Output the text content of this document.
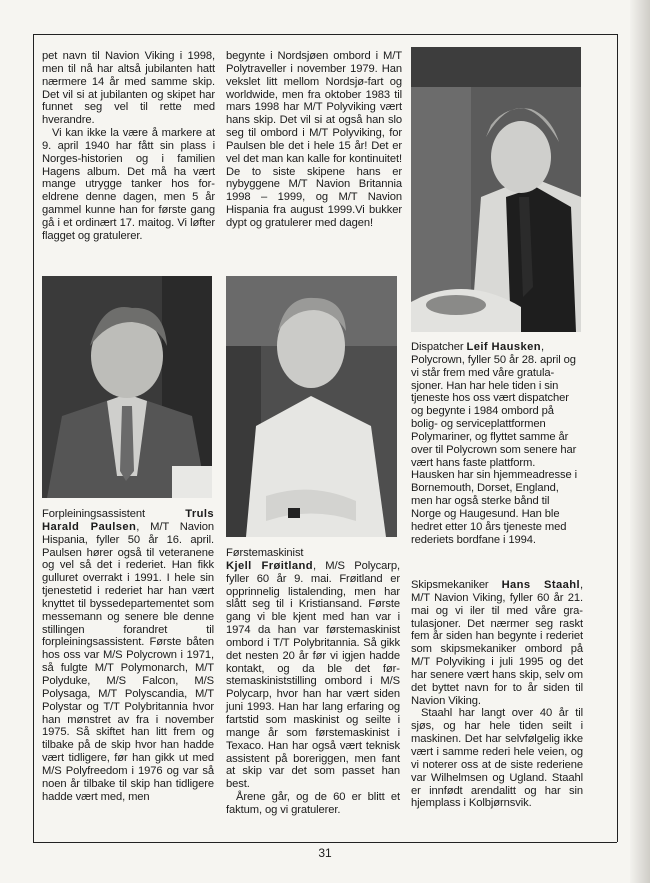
pet navn til Navion Viking i 1998, men til nå har altså jubilanten hatt nærmere 14 år med samme skip. Det vil si at jubilanten og skipet har funnet seg vel til rette med hverandre.

Vi kan ikke la være å markere at 9. april 1940 har fått sin plass i Norges-historien og i familien Hagens album. Det må ha vært mange utrygge tanker hos foreldrene denne dagen, men 5 år gammel kunne han for første gang gå i et ordinært 17. maitog. Vi løfter flagget og gratulerer.

begynte i Nordsjøen ombord i M/T Polytraveller i november 1979. Han vekslet litt mellom Nordsjø-fart og worldwide, men fra oktober 1983 til mars 1998 har M/T Polyviking vært hans skip. Det vil si at også han slo seg til ombord i M/T Polyviking, for Paulsen ble det i hele 15 år! Det er vel det man kan kalle for kontinuitet! De to siste skipene hans er nybyggene M/T Navion Britannia 1998 – 1999, og M/T Navion Hispania fra august 1999.Vi bukker dypt og gratulerer med dagen!

Dispatcher Leif Hausken, Polycrown, fyller 50 år 28. april og vi står frem med våre gratulasjoner. Han har hele tiden i sin tjeneste hos oss vært dispatcher og begynte i 1984 ombord på bolig- og serviceplattformen Polymariner, og flyttet samme år over til Polycrown som senere har vært hans faste plattform. Hausken har sin hjemmeadresse i Bornemouth, Dorset, England, men har også sterke bånd til Norge og Haugesund. Han ble hedret etter 10 års tjeneste med rederiets bordfane i 1994.

Forpleiningsassistent	Truls Harald Paulsen, M/T Navion Hispania, fyller 50 år 16. april. Paulsen hører også til veteranene og vel så det i rederiet. Han fikk gulluret overrakt i 1991. I hele sin tjenestetid i rederiet har han vært knyttet til byssedepartementet som messemann og senere ble denne stillingen forandret til forpleiningsassistent. Første båten hos oss var M/S Polycrown i 1971, så fulgte M/T Polymonarch, M/T Polyduke, M/S Falcon, M/S Polysaga, M/T Polyscandia, M/T Polystar og T/T Polybritannia hvor han mønstret av fra i november 1975. Så skiftet han litt frem og tilbake på de skip hvor han hadde vært tidligere, før han gikk ut med M/S Polyfreedom i 1976 og var så noen år tilbake til skip han tidligere hadde vært med, men

Førstemaskinist

Kjell Frøitland, M/S Polycarp, fyller 60 år 9. mai. Frøitland er opprinnelig listalending, men har slått seg til i Kristiansand. Første gang vi ble kjent med han var i 1974 da han var førstemaskinist ombord i T/T Polybritannia. Så gikk det nesten 20 år før vi igjen hadde kontakt, og da ble det førstemaskiniststilling ombord i M/S Polycarp, hvor han har vært siden juni 1993. Han har lang erfaring og fartstid som maskinist og seilte i mange år som førstemaskinist i Texaco. Han har også vært teknisk assistent på boreriggen, men fant at skip var det som passet han best.

Årene går, og de 60 er blitt et faktum, og vi gratulerer.

Skipsmekaniker Hans Staahl, M/T Navion Viking, fyller 60 år 21. mai og vi iler til med våre gratulasjoner. Det nærmer seg raskt fem år siden han begynte i rederiet som skipsmekaniker ombord på M/T Polyviking i juli 1995 og det har senere vært hans skip, selv om det byttet navn for to år siden til Navion Viking.

Staahl har langt over 40 år til sjøs, og har hele tiden seilt i maskinen. Det har selvfølgelig ikke vært i samme rederi hele veien, og vi noterer oss at de siste rederiene var Wilhelmsen og Ugland. Staahl er innfødt arendalitt og har sin hjemplass i Kolbjørnsvik.

31
